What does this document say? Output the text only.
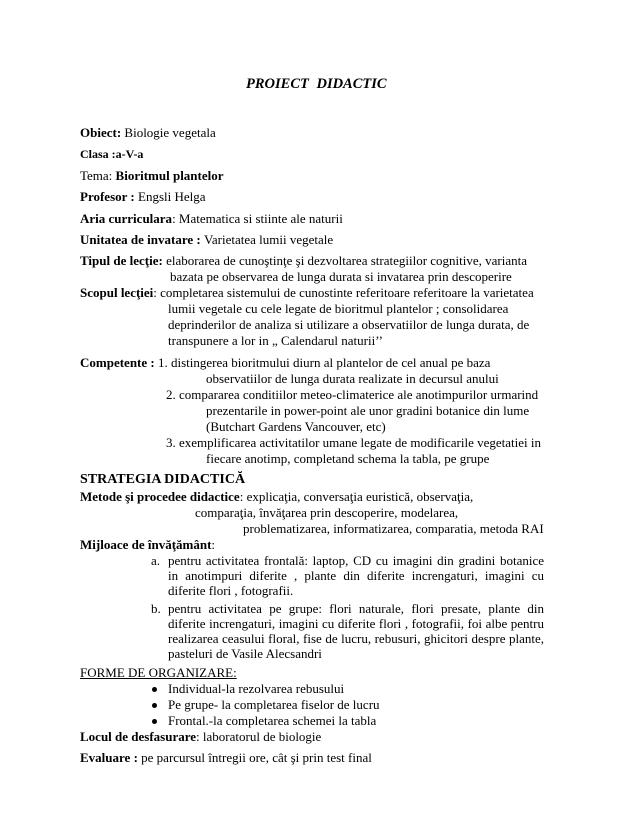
PROIECT DIDACTIC
Obiect: Biologie vegetala
Clasa :a-V-a
Tema: Bioritmul plantelor
Profesor : Engsli Helga
Aria curriculara: Matematica si stiinte ale naturii
Unitatea de invatare : Varietatea lumii vegetale
Tipul de lecţie: elaborarea de cunoştinţe şi dezvoltarea strategiilor cognitive, varianta
bazata pe observarea de lunga durata si invatarea prin descoperire
Scopul lecţiei: completarea sistemului de cunostinte referitoare referitoare la varietatea
lumii vegetale cu cele legate de bioritmul plantelor ; consolidarea
deprinderilor de analiza si utilizare a observatiilor de lunga durata, de
transpunere a lor in „ Calendarul naturii’’
Competente : 1. distingerea bioritmului diurn al plantelor de cel anual pe baza
observatiilor de lunga durata realizate in decursul anului
2. compararea conditiilor meteo-climaterice ale anotimpurilor urmarind
prezentarile in power-point ale unor gradini botanice din lume
(Butchart Gardens Vancouver, etc)
3. exemplificarea activitatilor umane legate de modificarile vegetatiei in
fiecare anotimp, completand schema la tabla, pe grupe
STRATEGIA DIDACTICĂ
Metode şi procedee didactice: explicaţia, conversaţia euristică, observaţia,
comparaţia, învăţarea prin descoperire, modelarea,
problematizarea, informatizarea, comparatia, metoda RAI
Mijloace de învăţământ:
a. pentru activitatea frontală: laptop, CD cu imagini din gradini botanice in anotimpuri diferite , plante din diferite increngaturi, imagini cu diferite flori , fotografii.
b. pentru activitatea pe grupe: flori naturale, flori presate, plante din diferite increngaturi, imagini cu diferite flori , fotografii, foi albe pentru realizarea ceasului floral, fise de lucru, rebusuri, ghicitori despre plante, pasteluri de Vasile Alecsandri
FORME DE ORGANIZARE:
Individual-la rezolvarea rebusului
Pe grupe- la completarea fiselor de lucru
Frontal.-la completarea schemei la tabla
Locul de desfasurare: laboratorul de biologie
Evaluare : pe parcursul întregii ore, cât şi prin test final
